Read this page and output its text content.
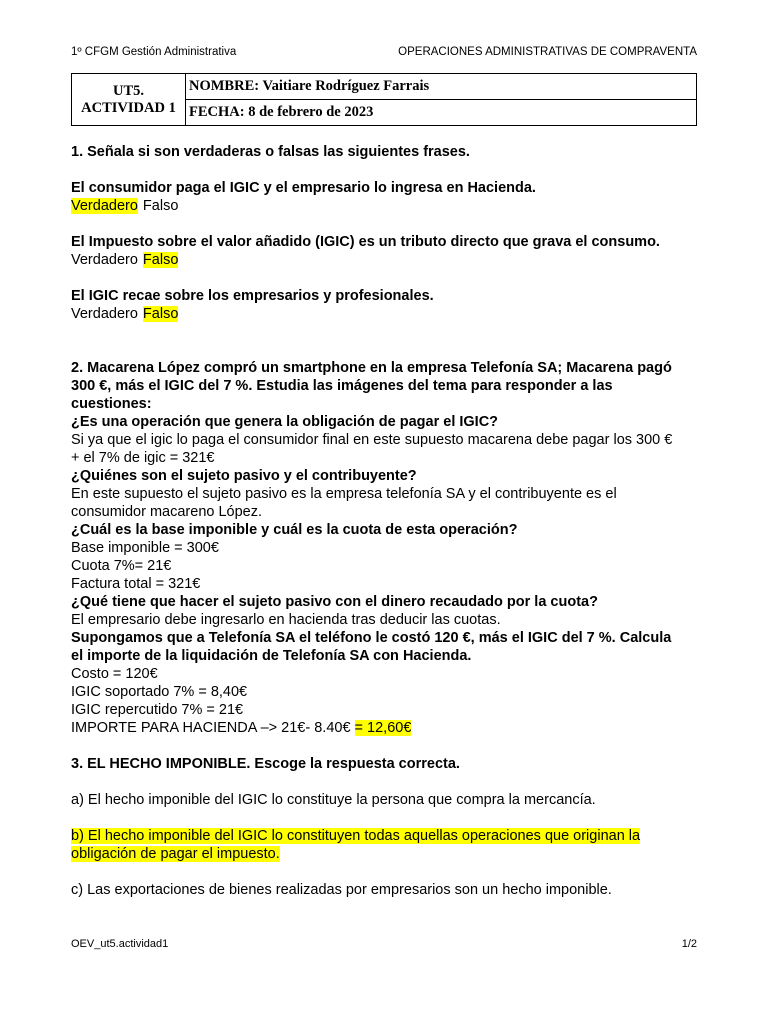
1º CFGM Gestión Administrativa	OPERACIONES ADMINISTRATIVAS DE COMPRAVENTA
UT5.
ACTIVIDAD 1
	NOMBRE: Vaitiare Rodríguez Farrais
FECHA: 8 de febrero de 2023

1. Señala si son verdaderas o falsas las siguientes frases.

El consumidor paga el IGIC y el empresario lo ingresa en Hacienda.

Verdadero Falso

El Impuesto sobre el valor añadido (IGIC) es un tributo directo que grava el consumo.

Verdadero Falso

El IGIC recae sobre los empresarios y profesionales.

Verdadero Falso

2. Macarena López compró un smartphone en la empresa Telefonía SA; Macarena pagó

300 €, más el IGIC del 7 %. Estudia las imágenes del tema para responder a las

cuestiones:

¿Es una operación que genera la obligación de pagar el IGIC?

Si ya que el igic lo paga el consumidor final en este supuesto macarena debe pagar los 300 €

+ el 7% de igic = 321€

¿Quiénes son el sujeto pasivo y el contribuyente?

En este supuesto el sujeto pasivo es la empresa telefonía SA y el contribuyente es el

consumidor macareno López.

¿Cuál es la base imponible y cuál es la cuota de esta operación?

Base imponible = 300€

Cuota 7%= 21€

Factura total = 321€

¿Qué tiene que hacer el sujeto pasivo con el dinero recaudado por la cuota?

El empresario debe ingresarlo en hacienda tras deducir las cuotas.

Supongamos que a Telefonía SA el teléfono le costó 120 €, más el IGIC del 7 %. Calcula

el importe de la liquidación de Telefonía SA con Hacienda.

Costo = 120€

IGIC soportado 7% = 8,40€

IGIC repercutido 7% = 21€

IMPORTE PARA HACIENDA –> 21€- 8.40€ = 12,60€

3. EL HECHO IMPONIBLE. Escoge la respuesta correcta.

a) El hecho imponible del IGIC lo constituye la persona que compra la mercancía.

b) El hecho imponible del IGIC lo constituyen todas aquellas operaciones que originan la

obligación de pagar el impuesto.

c) Las exportaciones de bienes realizadas por empresarios son un hecho imponible.

OEV_ut5.actividad1	1/2
